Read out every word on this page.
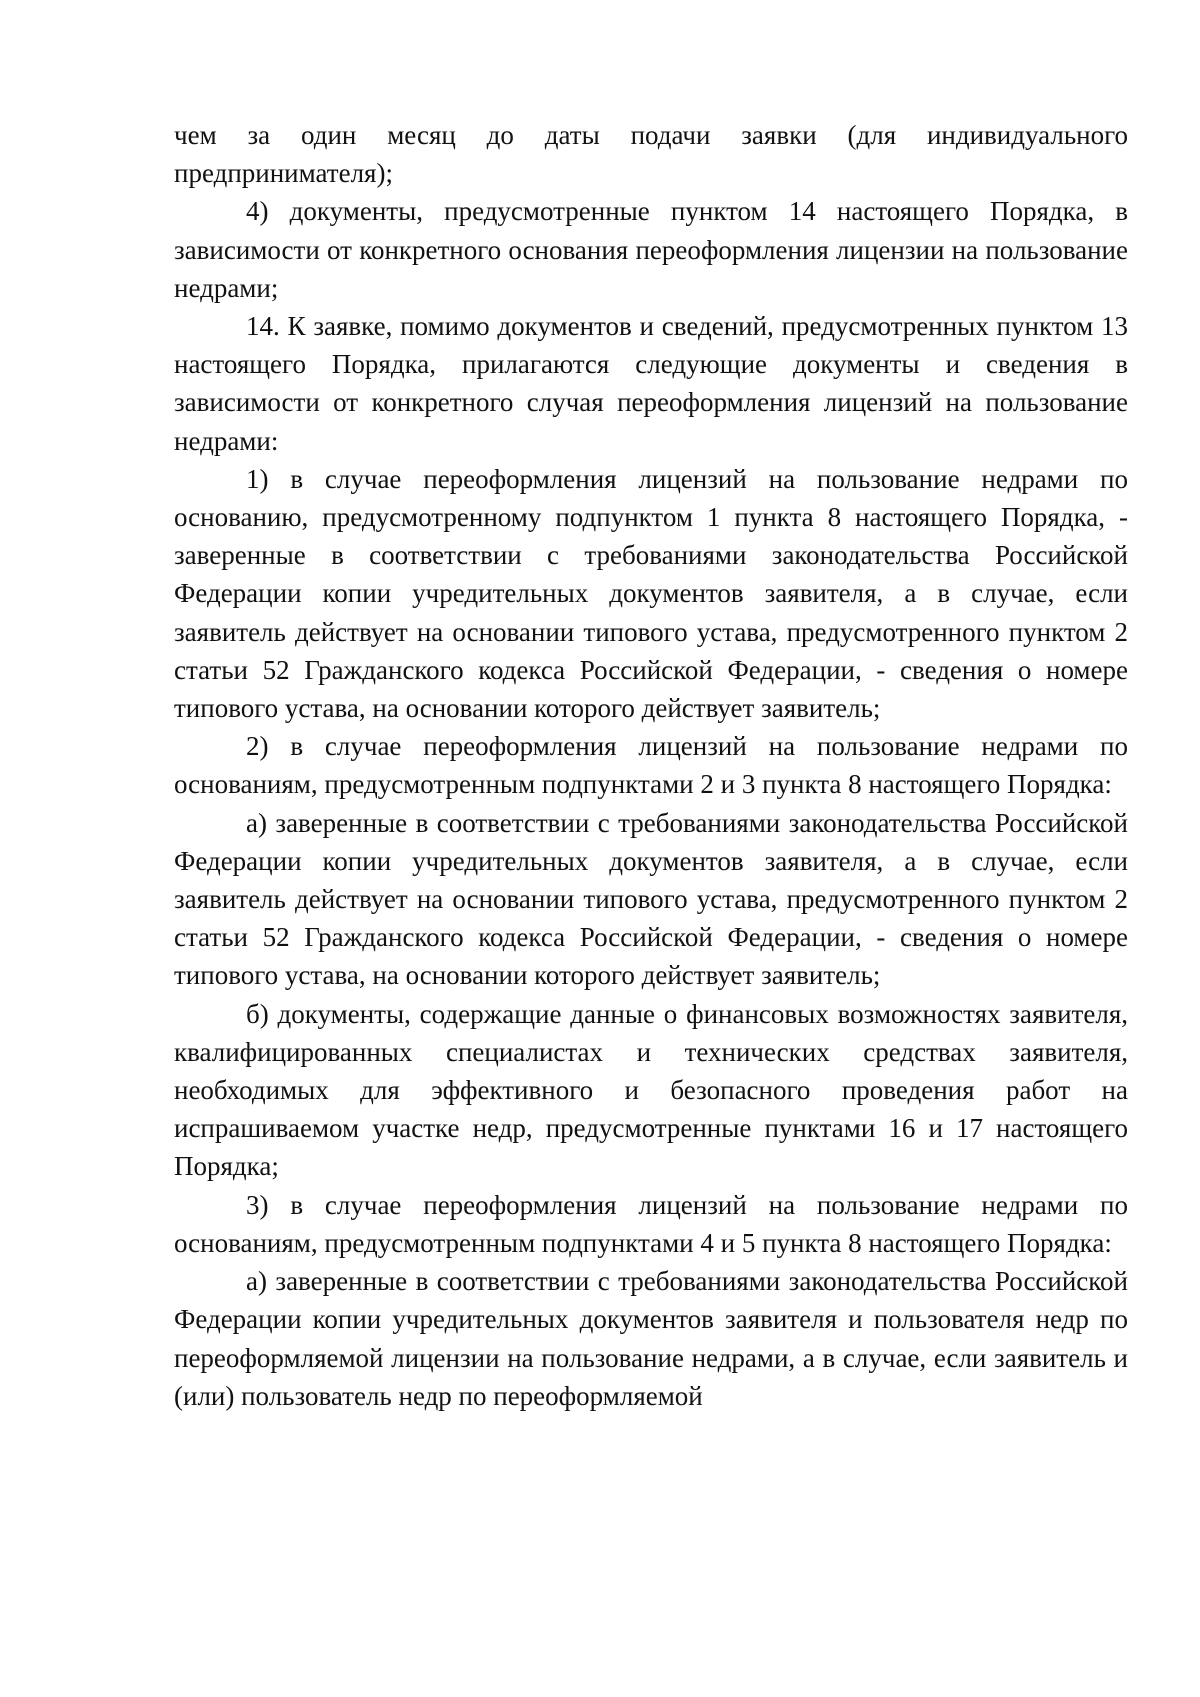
чем за один месяц до даты подачи заявки (для индивидуального предпринимателя);

4) документы, предусмотренные пунктом 14 настоящего Порядка, в зависимости от конкретного основания переоформления лицензии на пользование недрами;

14. К заявке, помимо документов и сведений, предусмотренных пунктом 13 настоящего Порядка, прилагаются следующие документы и сведения в зависимости от конкретного случая переоформления лицензий на пользование недрами:

1) в случае переоформления лицензий на пользование недрами по основанию, предусмотренному подпунктом 1 пункта 8 настоящего Порядка, - заверенные в соответствии с требованиями законодательства Российской Федерации копии учредительных документов заявителя, а в случае, если заявитель действует на основании типового устава, предусмотренного пунктом 2 статьи 52 Гражданского кодекса Российской Федерации, - сведения о номере типового устава, на основании которого действует заявитель;

2) в случае переоформления лицензий на пользование недрами по основаниям, предусмотренным подпунктами 2 и 3 пункта 8 настоящего Порядка:

а) заверенные в соответствии с требованиями законодательства Российской Федерации копии учредительных документов заявителя, а в случае, если заявитель действует на основании типового устава, предусмотренного пунктом 2 статьи 52 Гражданского кодекса Российской Федерации, - сведения о номере типового устава, на основании которого действует заявитель;

б) документы, содержащие данные о финансовых возможностях заявителя, квалифицированных специалистах и технических средствах заявителя, необходимых для эффективного и безопасного проведения работ на испрашиваемом участке недр, предусмотренные пунктами 16 и 17 настоящего Порядка;

3) в случае переоформления лицензий на пользование недрами по основаниям, предусмотренным подпунктами 4 и 5 пункта 8 настоящего Порядка:

а) заверенные в соответствии с требованиями законодательства Российской Федерации копии учредительных документов заявителя и пользователя недр по переоформляемой лицензии на пользование недрами, а в случае, если заявитель и (или) пользователь недр по переоформляемой
